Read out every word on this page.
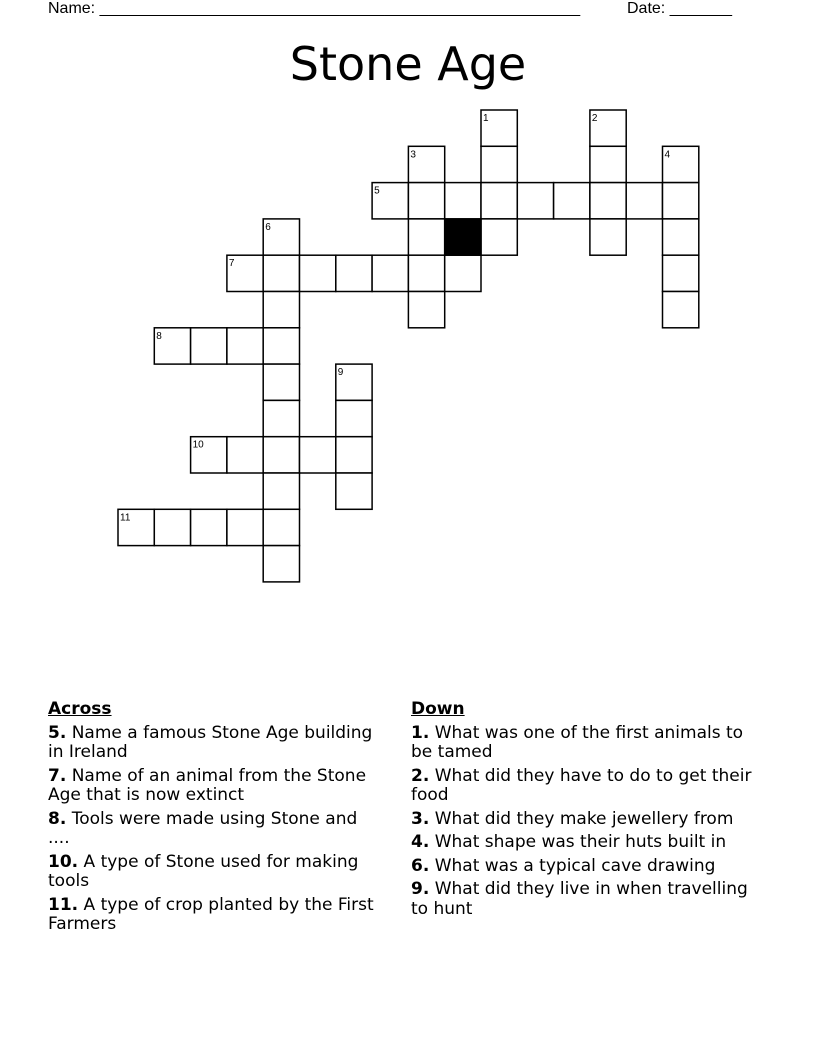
Name: ______________________________________________________	Date: _______
Stone Age
1	2
3	4
5
6
7
8
9
10
11
Across
5. Name a famous Stone Age building in Ireland
7. Name of an animal from the Stone Age that is now extinct
8. Tools were made using Stone and ....
10. A type of Stone used for making tools
11. A type of crop planted by the First Farmers
Down
1. What was one of the first animals to be tamed
2. What did they have to do to get their food
3. What did they make jewellery from
4. What shape was their huts built in
6. What was a typical cave drawing
9. What did they live in when travelling to hunt
